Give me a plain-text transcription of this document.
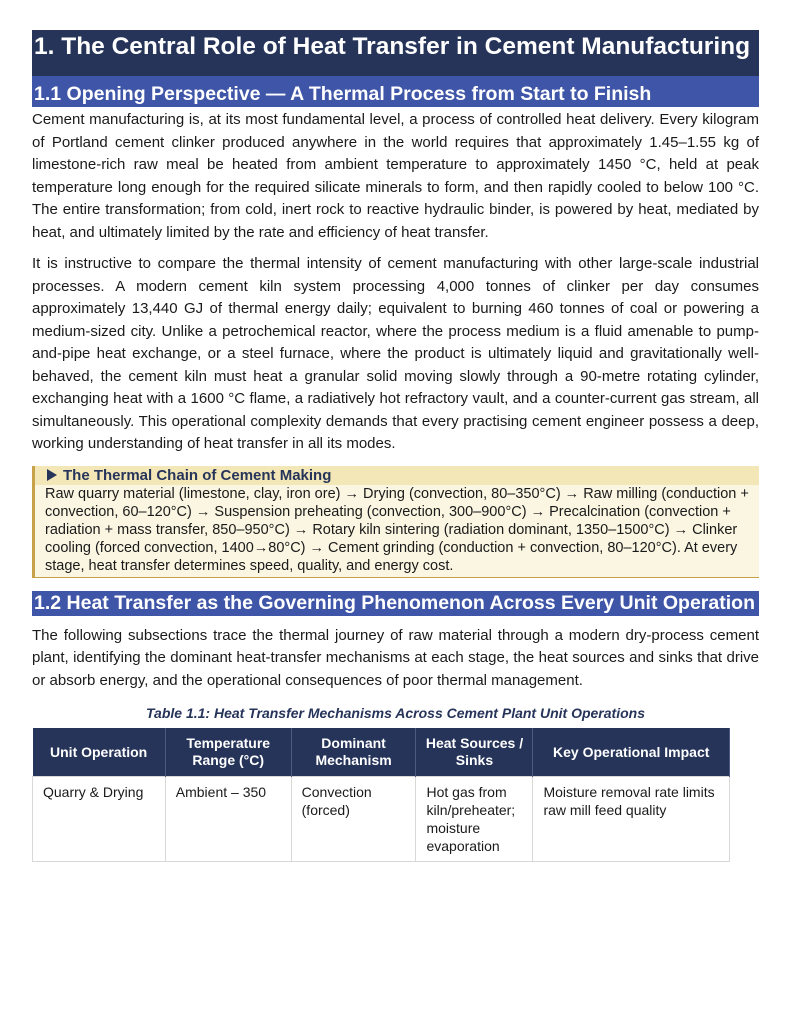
1. The Central Role of Heat Transfer in Cement Manufacturing
1.1 Opening Perspective — A Thermal Process from Start to Finish

Cement manufacturing is, at its most fundamental level, a process of controlled heat delivery. Every kilogram of Portland cement clinker produced anywhere in the world requires that approximately 1.45–1.55 kg of limestone-rich raw meal be heated from ambient temperature to approximately 1450 °C, held at peak temperature long enough for the required silicate minerals to form, and then rapidly cooled to below 100 °C. The entire transformation; from cold, inert rock to reactive hydraulic binder, is powered by heat, mediated by heat, and ultimately limited by the rate and efficiency of heat transfer.

It is instructive to compare the thermal intensity of cement manufacturing with other large-scale industrial processes. A modern cement kiln system processing 4,000 tonnes of clinker per day consumes approximately 13,440 GJ of thermal energy daily; equivalent to burning 460 tonnes of coal or powering a medium-sized city. Unlike a petrochemical reactor, where the process medium is a fluid amenable to pump-and-pipe heat exchange, or a steel furnace, where the product is ultimately liquid and gravitationally well-behaved, the cement kiln must heat a granular solid moving slowly through a 90-metre rotating cylinder, exchanging heat with a 1600 °C flame, a radiatively hot refractory vault, and a counter-current gas stream, all simultaneously. This operational complexity demands that every practising cement engineer possess a deep, working understanding of heat transfer in all its modes.

The Thermal Chain of Cement Making
Raw quarry material (limestone, clay, iron ore) → Drying (convection, 80–350°C) → Raw milling (conduction + convection, 60–120°C) → Suspension preheating (convection, 300–900°C) → Precalcination (convection + radiation + mass transfer, 850–950°C) → Rotary kiln sintering (radiation dominant, 1350–1500°C) → Clinker cooling (forced convection, 1400→80°C) → Cement grinding (conduction + convection, 80–120°C). At every stage, heat transfer determines speed, quality, and energy cost.
1.2 Heat Transfer as the Governing Phenomenon Across Every Unit Operation

The following subsections trace the thermal journey of raw material through a modern dry-process cement plant, identifying the dominant heat-transfer mechanisms at each stage, the heat sources and sinks that drive or absorb energy, and the operational consequences of poor thermal management.

Table 1.1: Heat Transfer Mechanisms Across Cement Plant Unit Operations
Unit Operation	Temperature Range (°C)	Dominant Mechanism	Heat Sources / Sinks	Key Operational Impact
Quarry & Drying	Ambient – 350	Convection (forced)	Hot gas from kiln/preheater; moisture evaporation	Moisture removal rate limits raw mill feed quality
